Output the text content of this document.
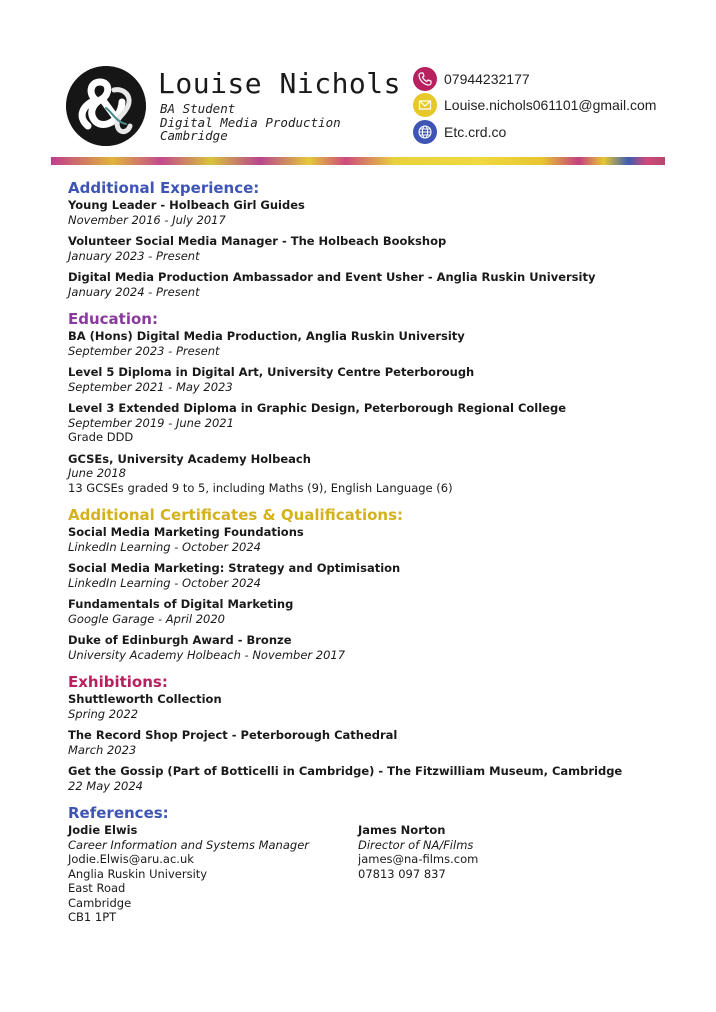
Louise Nichols
BA Student
Digital Media Production
Cambridge
07944232177
Louise.nichols061101@gmail.com
Etc.crd.co
Additional Experience:
Young Leader - Holbeach Girl Guides
November 2016 - July 2017
Volunteer Social Media Manager - The Holbeach Bookshop
January 2023 - Present
Digital Media Production Ambassador and Event Usher - Anglia Ruskin University
January 2024 - Present
Education:
BA (Hons) Digital Media Production, Anglia Ruskin University
September 2023 - Present
Level 5 Diploma in Digital Art, University Centre Peterborough
September 2021 - May 2023
Level 3 Extended Diploma in Graphic Design, Peterborough Regional College
September 2019 - June 2021
Grade DDD
GCSEs, University Academy Holbeach
June 2018
13 GCSEs graded 9 to 5, including Maths (9), English Language (6)
Additional Certificates & Qualifications:
Social Media Marketing Foundations
LinkedIn Learning - October 2024
Social Media Marketing: Strategy and Optimisation
LinkedIn Learning - October 2024
Fundamentals of Digital Marketing
Google Garage - April 2020
Duke of Edinburgh Award - Bronze
University Academy Holbeach - November 2017
Exhibitions:
Shuttleworth Collection
Spring 2022
The Record Shop Project - Peterborough Cathedral
March 2023
Get the Gossip (Part of Botticelli in Cambridge) - The Fitzwilliam Museum, Cambridge
22 May 2024
References:
Jodie Elwis
Career Information and Systems Manager
Jodie.Elwis@aru.ac.uk
Anglia Ruskin University
East Road
Cambridge
CB1 1PT
James Norton
Director of NA/Films
james@na-films.com
07813 097 837
